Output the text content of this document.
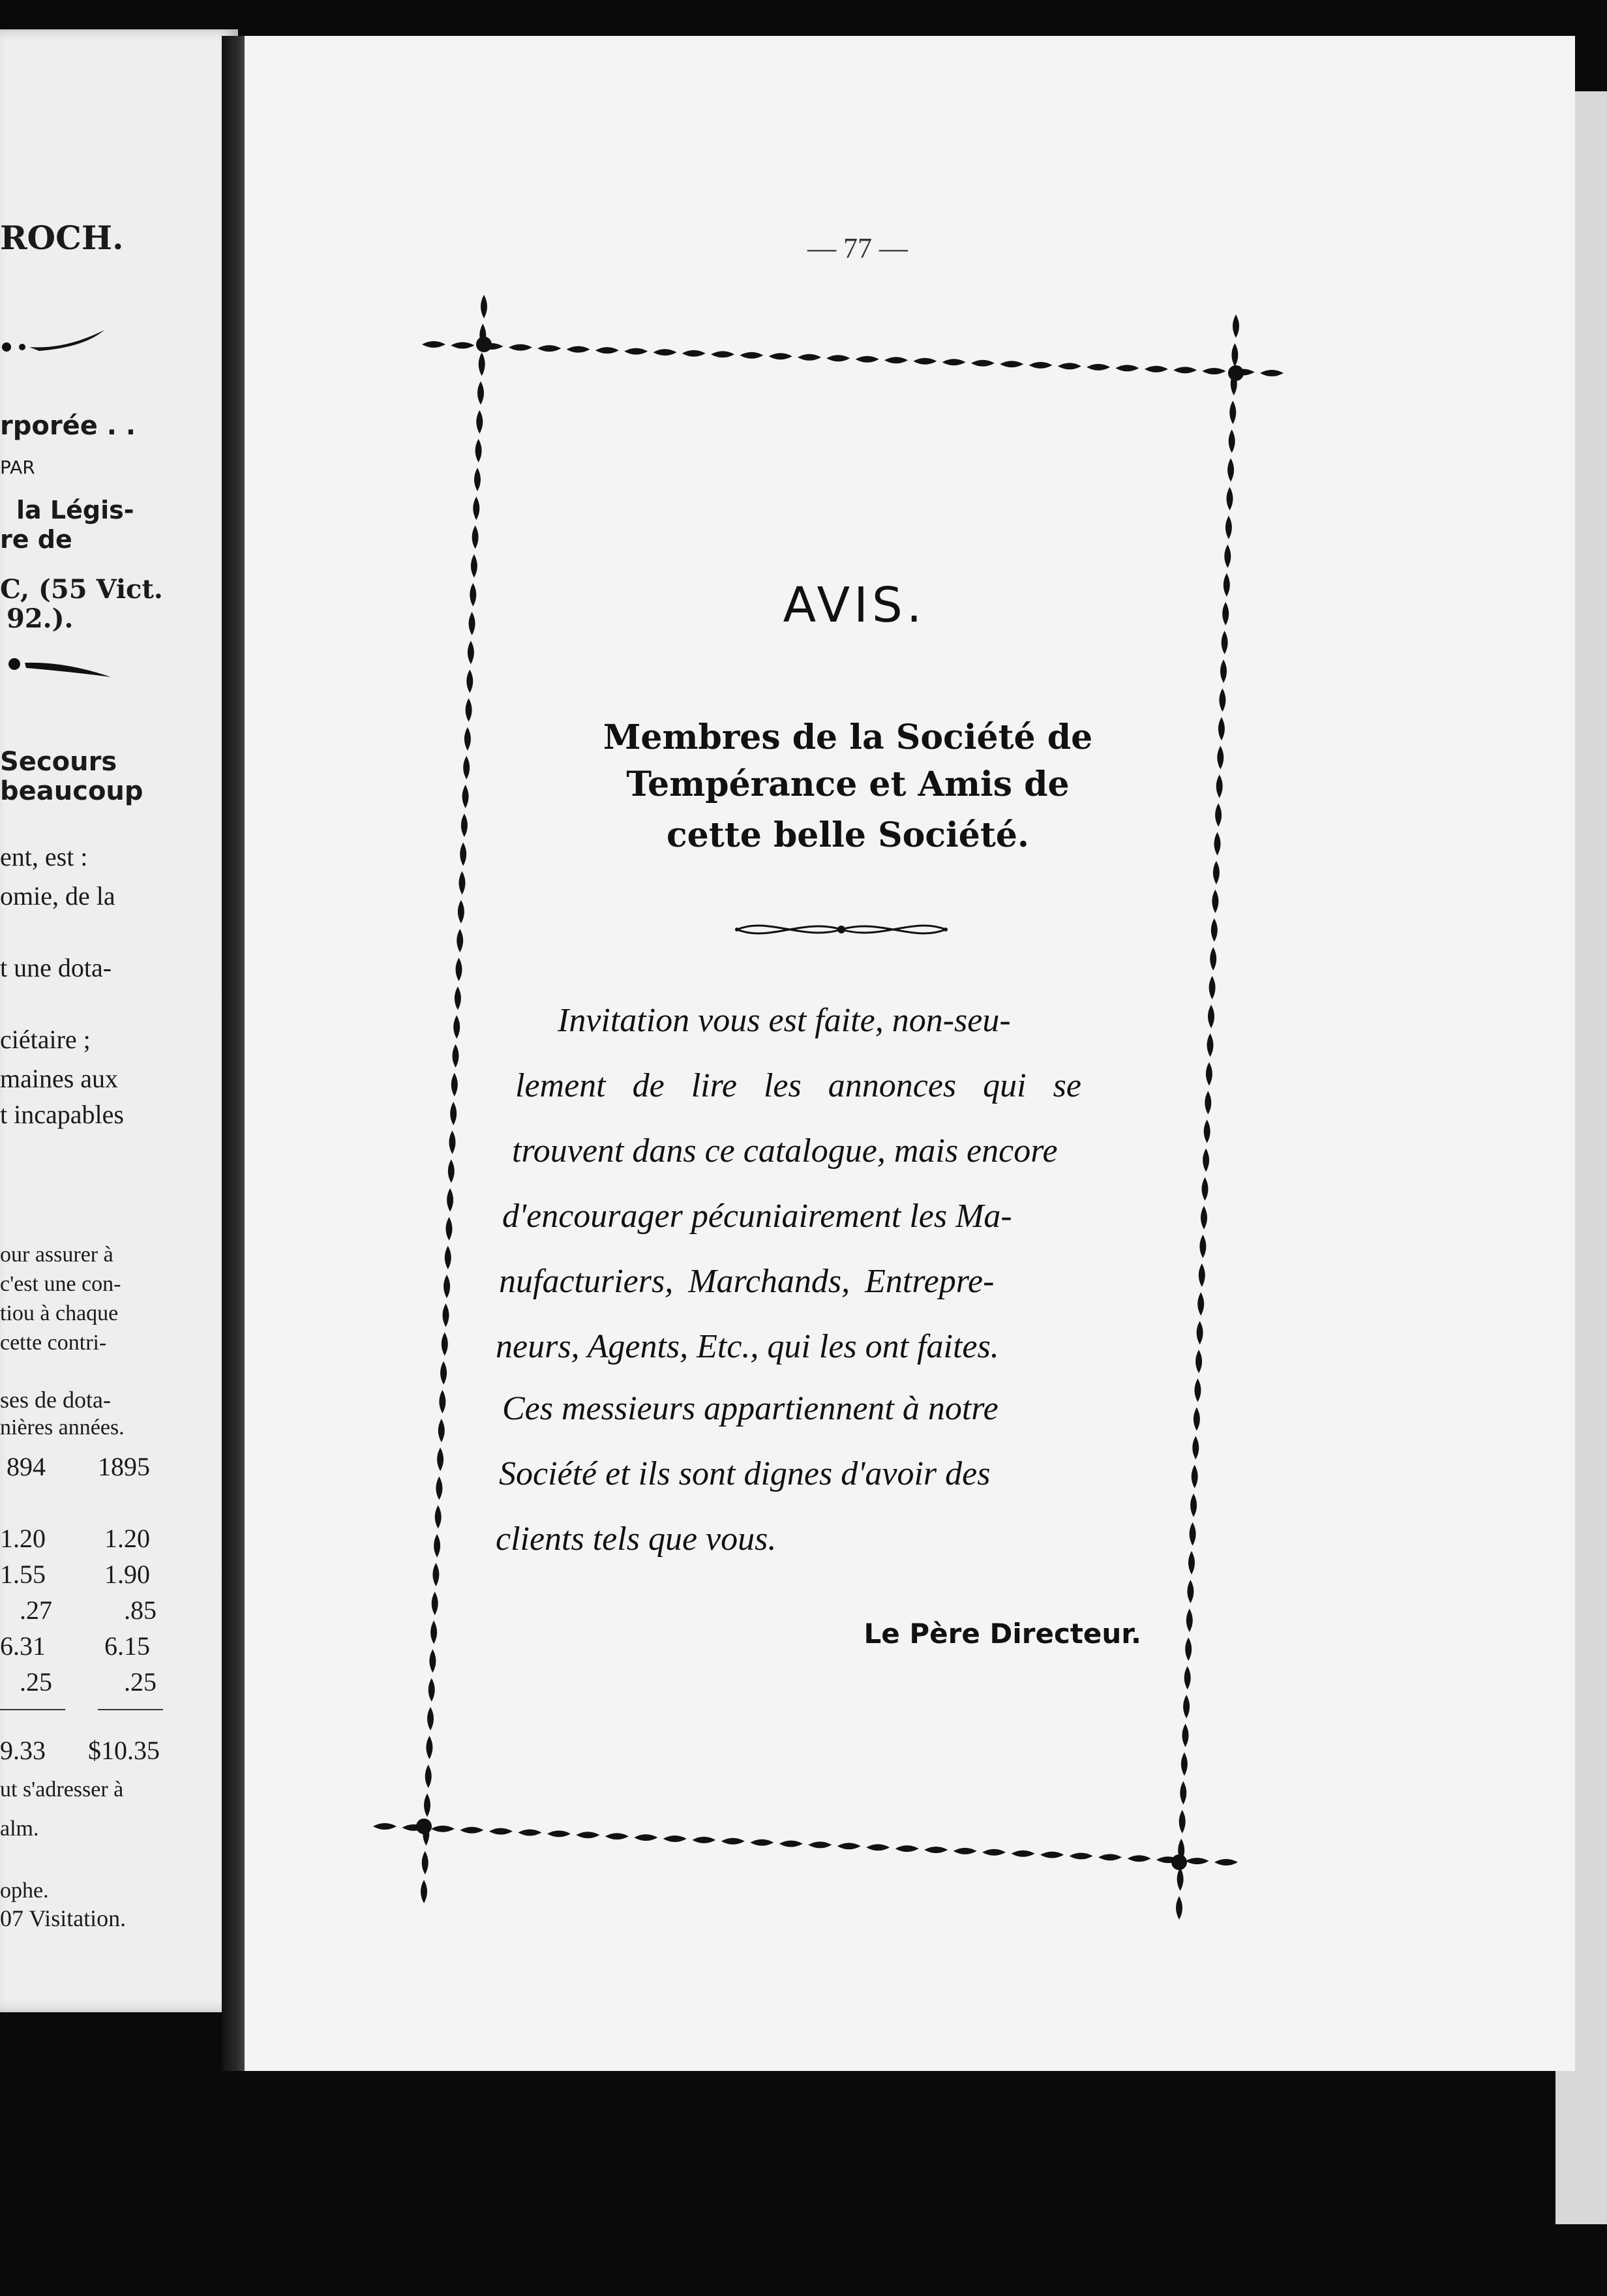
ROCH.
rporée . .
PAR
la Légis-
re de
C, (55 Vict.
92.).
Secours
beaucoup
ent, est :
omie, de la
t une dota-
ciétaire ;
maines aux
t incapables
our assurer à
c'est une con-
tiou à chaque
cette contri-
ses de dota-
nières années.
894 1895
1.20 1.20
1.55 1.90
.27	.85
6.31 6.15
.25	.25
9.33 $10.35
ut s'adresser à
alm.
ophe.
07 Visitation.
— 77 —
AVIS.
Membres de la Société de
Tempérance et Amis de
cette belle Société.
Invitation vous est faite, non-seu-
lement de lire les annonces qui se
trouvent dans ce catalogue, mais encore
d'encourager pécuniairement les Ma-
nufacturiers, Marchands, Entrepre-
neurs, Agents, Etc., qui les ont faites.
Ces messieurs appartiennent à notre
Société et ils sont dignes d'avoir des
clients tels que vous.
Le Père Directeur.
